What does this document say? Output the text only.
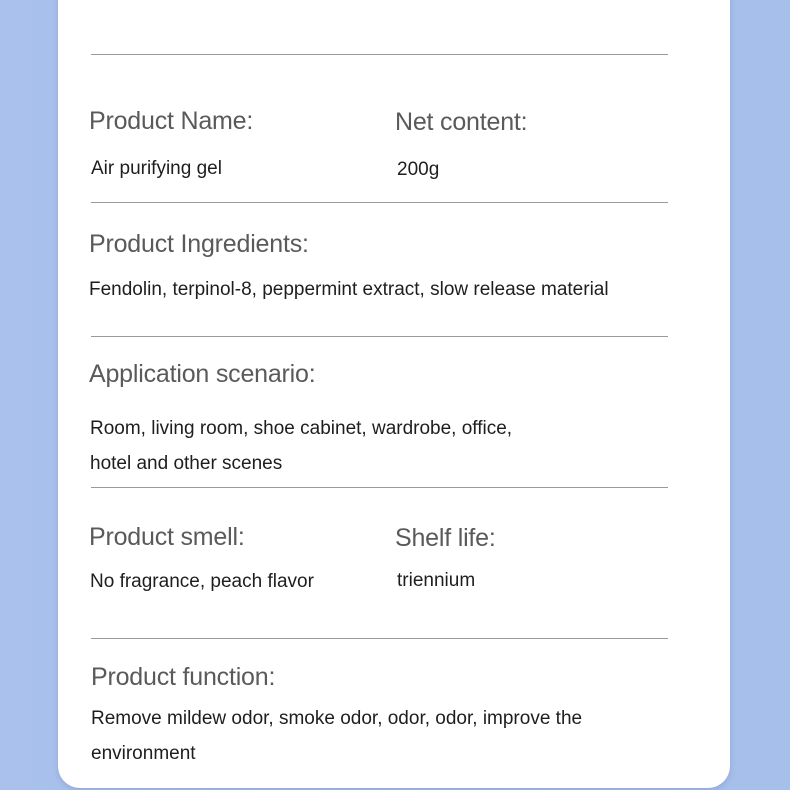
Product Name:
Air purifying gel
Net content:
200g
Product Ingredients:
Fendolin, terpinol-8, peppermint extract, slow release material
Application scenario:
Room, living room, shoe cabinet, wardrobe, office,
hotel and other scenes
Product smell:
No fragrance, peach flavor
Shelf life:
triennium
Product function:
Remove mildew odor, smoke odor, odor, odor, improve the
environment
